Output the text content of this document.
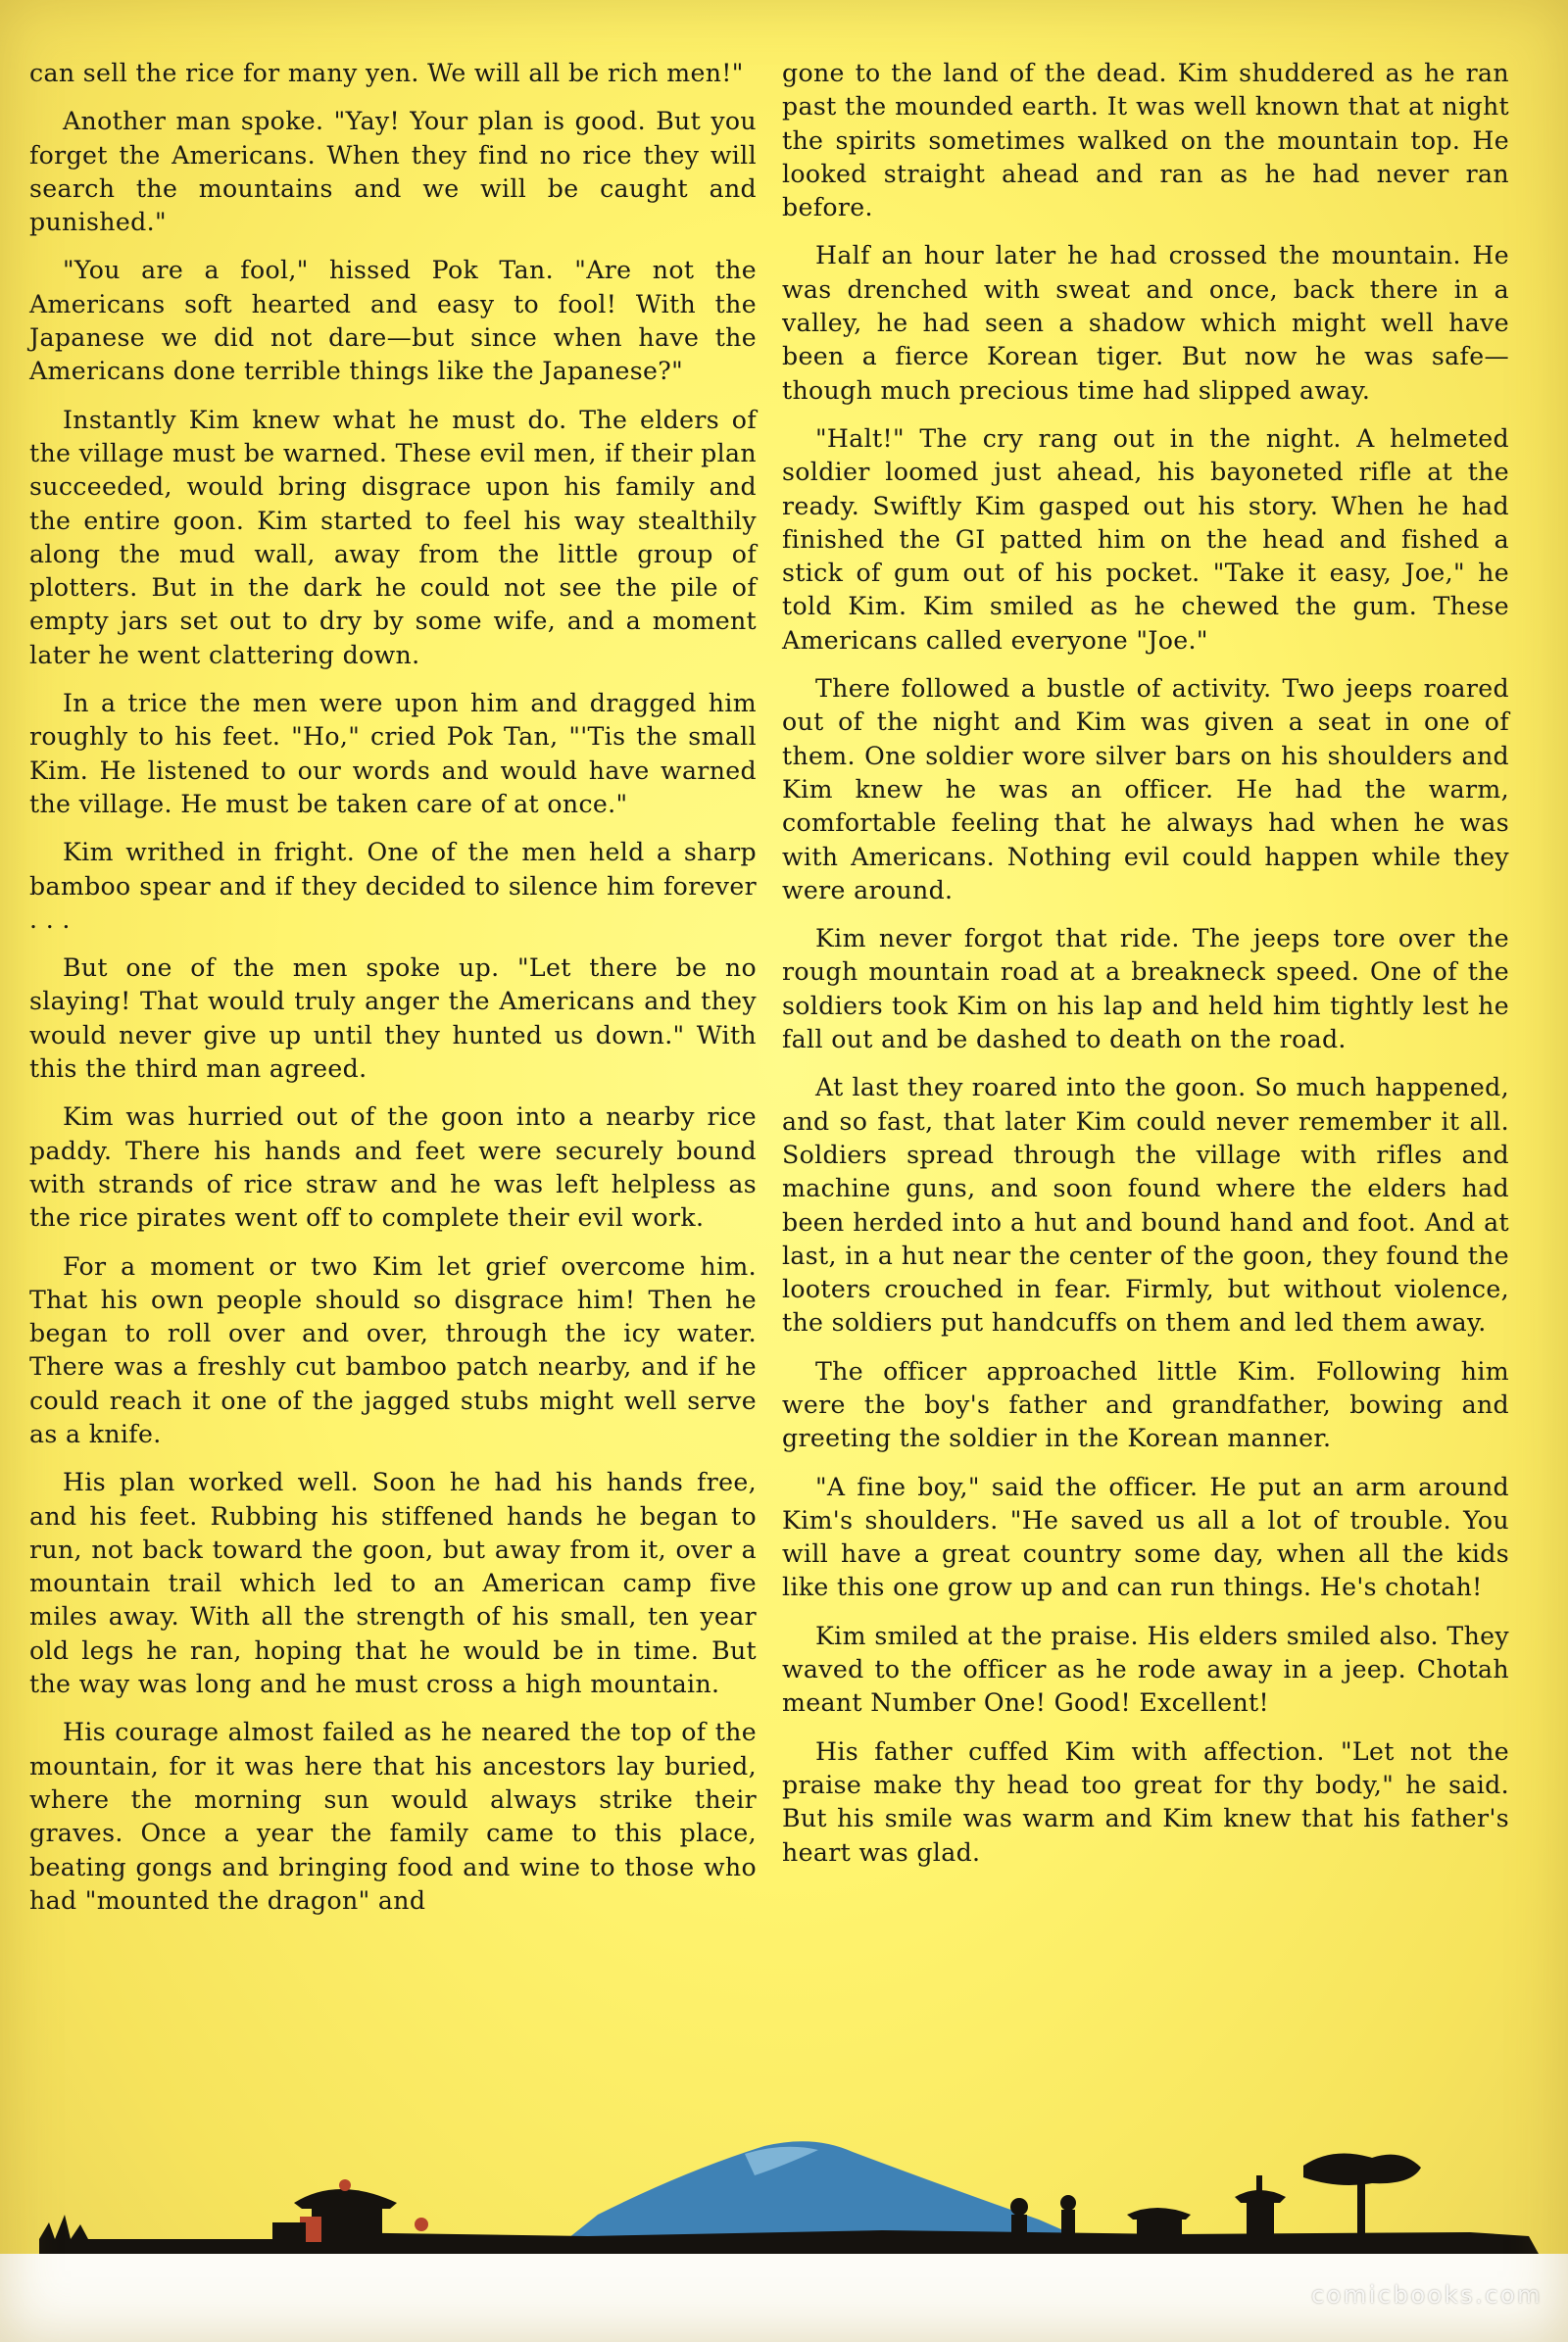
can sell the rice for many yen. We will all be rich men!"

Another man spoke. "Yay! Your plan is good. But you forget the Americans. When they find no rice they will search the mountains and we will be caught and punished."

"You are a fool," hissed Pok Tan. "Are not the Americans soft hearted and easy to fool! With the Japanese we did not dare—but since when have the Americans done terrible things like the Japanese?"

Instantly Kim knew what he must do. The elders of the village must be warned. These evil men, if their plan succeeded, would bring disgrace upon his family and the entire goon. Kim started to feel his way stealthily along the mud wall, away from the little group of plotters. But in the dark he could not see the pile of empty jars set out to dry by some wife, and a moment later he went clattering down.

In a trice the men were upon him and dragged him roughly to his feet. "Ho," cried Pok Tan, "'Tis the small Kim. He listened to our words and would have warned the village. He must be taken care of at once."

Kim writhed in fright. One of the men held a sharp bamboo spear and if they decided to silence him forever . . .

But one of the men spoke up. "Let there be no slaying! That would truly anger the Americans and they would never give up until they hunted us down." With this the third man agreed.

Kim was hurried out of the goon into a nearby rice paddy. There his hands and feet were securely bound with strands of rice straw and he was left helpless as the rice pirates went off to complete their evil work.

For a moment or two Kim let grief overcome him. That his own people should so disgrace him! Then he began to roll over and over, through the icy water. There was a freshly cut bamboo patch nearby, and if he could reach it one of the jagged stubs might well serve as a knife.

His plan worked well. Soon he had his hands free, and his feet. Rubbing his stiffened hands he began to run, not back toward the goon, but away from it, over a mountain trail which led to an American camp five miles away. With all the strength of his small, ten year old legs he ran, hoping that he would be in time. But the way was long and he must cross a high mountain.

His courage almost failed as he neared the top of the mountain, for it was here that his ancestors lay buried, where the morning sun would always strike their graves. Once a year the family came to this place, beating gongs and bringing food and wine to those who had "mounted the dragon" and

gone to the land of the dead. Kim shuddered as he ran past the mounded earth. It was well known that at night the spirits sometimes walked on the mountain top. He looked straight ahead and ran as he had never ran before.

Half an hour later he had crossed the mountain. He was drenched with sweat and once, back there in a valley, he had seen a shadow which might well have been a fierce Korean tiger. But now he was safe—though much precious time had slipped away.

"Halt!" The cry rang out in the night. A helmeted soldier loomed just ahead, his bayoneted rifle at the ready. Swiftly Kim gasped out his story. When he had finished the GI patted him on the head and fished a stick of gum out of his pocket. "Take it easy, Joe," he told Kim. Kim smiled as he chewed the gum. These Americans called everyone "Joe."

There followed a bustle of activity. Two jeeps roared out of the night and Kim was given a seat in one of them. One soldier wore silver bars on his shoulders and Kim knew he was an officer. He had the warm, comfortable feeling that he always had when he was with Americans. Nothing evil could happen while they were around.

Kim never forgot that ride. The jeeps tore over the rough mountain road at a breakneck speed. One of the soldiers took Kim on his lap and held him tightly lest he fall out and be dashed to death on the road.

At last they roared into the goon. So much happened, and so fast, that later Kim could never remember it all. Soldiers spread through the village with rifles and machine guns, and soon found where the elders had been herded into a hut and bound hand and foot. And at last, in a hut near the center of the goon, they found the looters crouched in fear. Firmly, but without violence, the soldiers put handcuffs on them and led them away.

The officer approached little Kim. Following him were the boy's father and grandfather, bowing and greeting the soldier in the Korean manner.

"A fine boy," said the officer. He put an arm around Kim's shoulders. "He saved us all a lot of trouble. You will have a great country some day, when all the kids like this one grow up and can run things. He's chotah!

Kim smiled at the praise. His elders smiled also. They waved to the officer as he rode away in a jeep. Chotah meant Number One! Good! Excellent!

His father cuffed Kim with affection. "Let not the praise make thy head too great for thy body," he said. But his smile was warm and Kim knew that his father's heart was glad.

comicbooks.com
